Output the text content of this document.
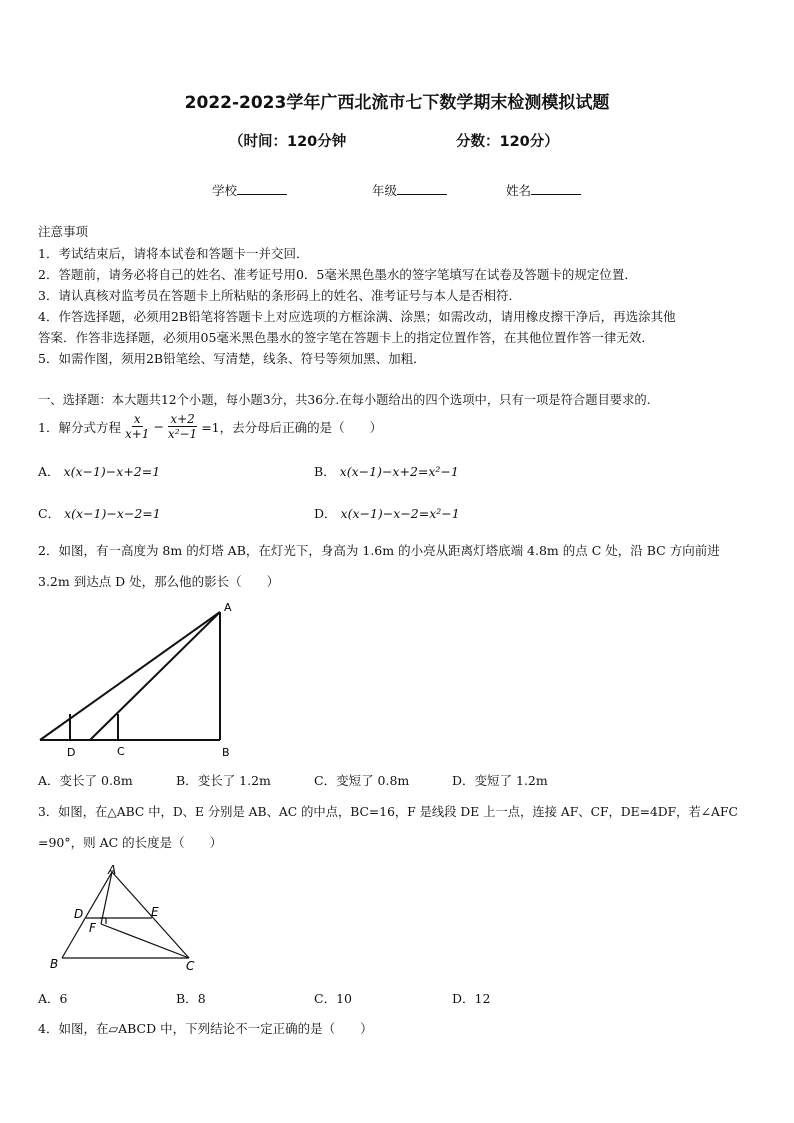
2022-2023学年广西北流市七下数学期末检测模拟试题
（时间：120分钟	分数：120分）
学校	年级	姓名
注意事项
1．考试结束后，请将本试卷和答题卡一并交回．
2．答题前，请务必将自己的姓名、准考证号用0．5毫米黑色墨水的签字笔填写在试卷及答题卡的规定位置．
3．请认真核对监考员在答题卡上所粘贴的条形码上的姓名、准考证号与本人是否相符．
4．作答选择题，必须用2B铅笔将答题卡上对应选项的方框涂满、涂黑；如需改动，请用橡皮擦干净后，再选涂其他
答案．作答非选择题，必须用05毫米黑色墨水的签字笔在答题卡上的指定位置作答，在其他位置作答一律无效．
5．如需作图，须用2B铅笔绘、写清楚，线条、符号等须加黑、加粗．
一、选择题：本大题共12个小题，每小题3分，共36分.在每小题给出的四个选项中，只有一项是符合题目要求的.
1．解分式方程 $\frac{x}{x+1} - \frac{x+2}{\text{x²−1}} =1$，去分母后正确的是（　　）
A． x(x−1)−x+2=1	B． x(x−1)−x+2=x²−1
C． x(x−1)−x−2=1	D． x(x−1)−x−2=x²−1
2．如图，有一高度为 8m 的灯塔 AB，在灯光下，身高为 1.6m 的小亮从距离灯塔底端 4.8m 的点 C 处，沿 BC 方向前进
3.2m 到达点 D 处，那么他的影长（　　）
A
B
C
D
A．变长了 0.8m	B．变长了 1.2m	C．变短了 0.8m	D．变短了 1.2m
3．如图，在△ABC 中，D、E 分别是 AB、AC 的中点，BC=16，F 是线段 DE 上一点，连接 AF、CF，DE=4DF，若∠AFC
=90°，则 AC 的长度是（　　）
A
B	C
D	E
F
A．6	B．8	C．10	D．12
4．如图，在▱ABCD 中，下列结论不一定正确的是（　　）
